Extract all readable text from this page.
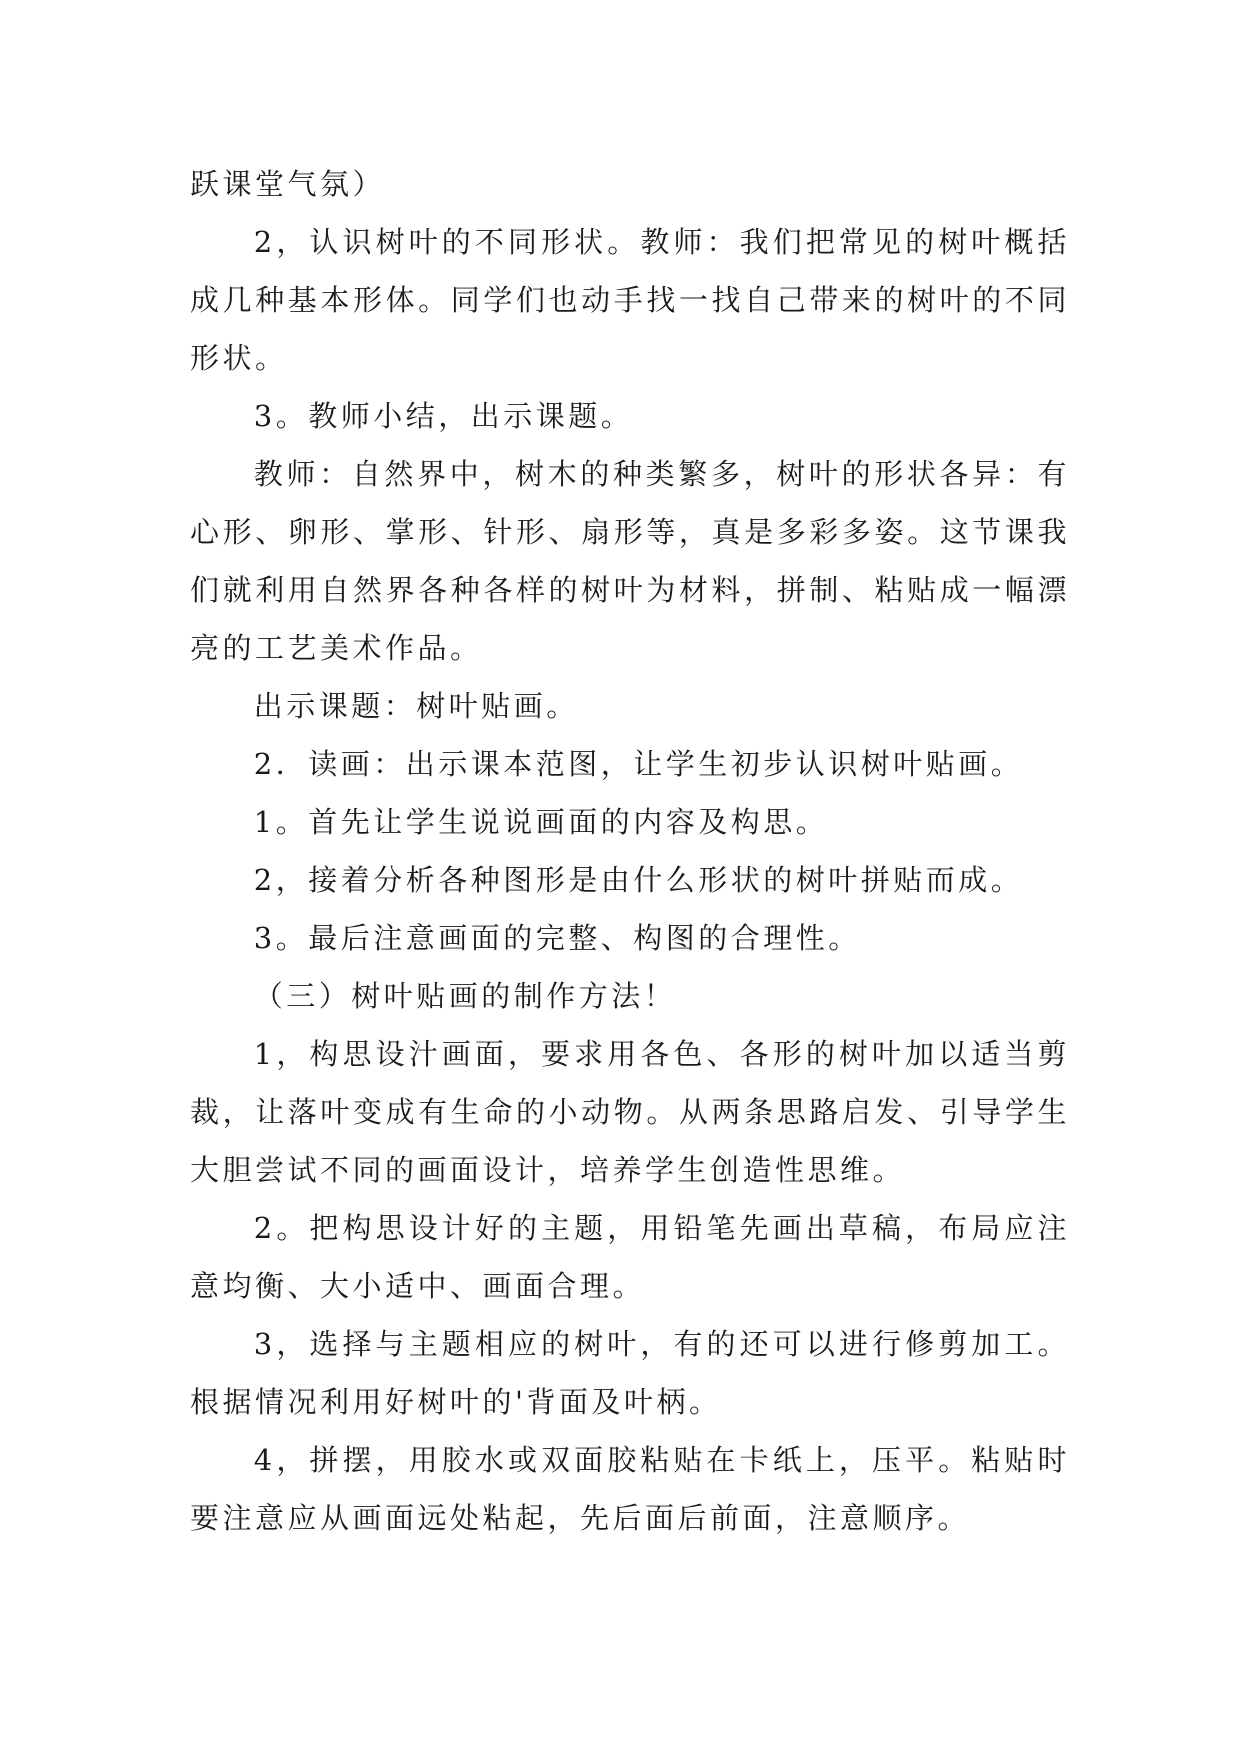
跃课堂气氛）

2，认识树叶的不同形状。教师：我们把常见的树叶概括成几种基本形体。同学们也动手找一找自己带来的树叶的不同形状。

3。教师小结，出示课题。

教师：自然界中，树木的种类繁多，树叶的形状各异：有心形、卵形、掌形、针形、扇形等，真是多彩多姿。这节课我们就利用自然界各种各样的树叶为材料，拼制、粘贴成一幅漂亮的工艺美术作品。

出示课题：树叶贴画。

2．读画：出示课本范图，让学生初步认识树叶贴画。

1。首先让学生说说画面的内容及构思。

2，接着分析各种图形是由什么形状的树叶拼贴而成。

3。最后注意画面的完整、构图的合理性。

（三）树叶贴画的制作方法！

1，构思设汁画面，要求用各色、各形的树叶加以适当剪裁，让落叶变成有生命的小动物。从两条思路启发、引导学生大胆尝试不同的画面设计，培养学生创造性思维。

2。把构思设计好的主题，用铅笔先画出草稿，布局应注意均衡、大小适中、画面合理。

3，选择与主题相应的树叶，有的还可以进行修剪加工。根据情况利用好树叶的'背面及叶柄。

4，拼摆，用胶水或双面胶粘贴在卡纸上，压平。粘贴时要注意应从画面远处粘起，先后面后前面，注意顺序。
